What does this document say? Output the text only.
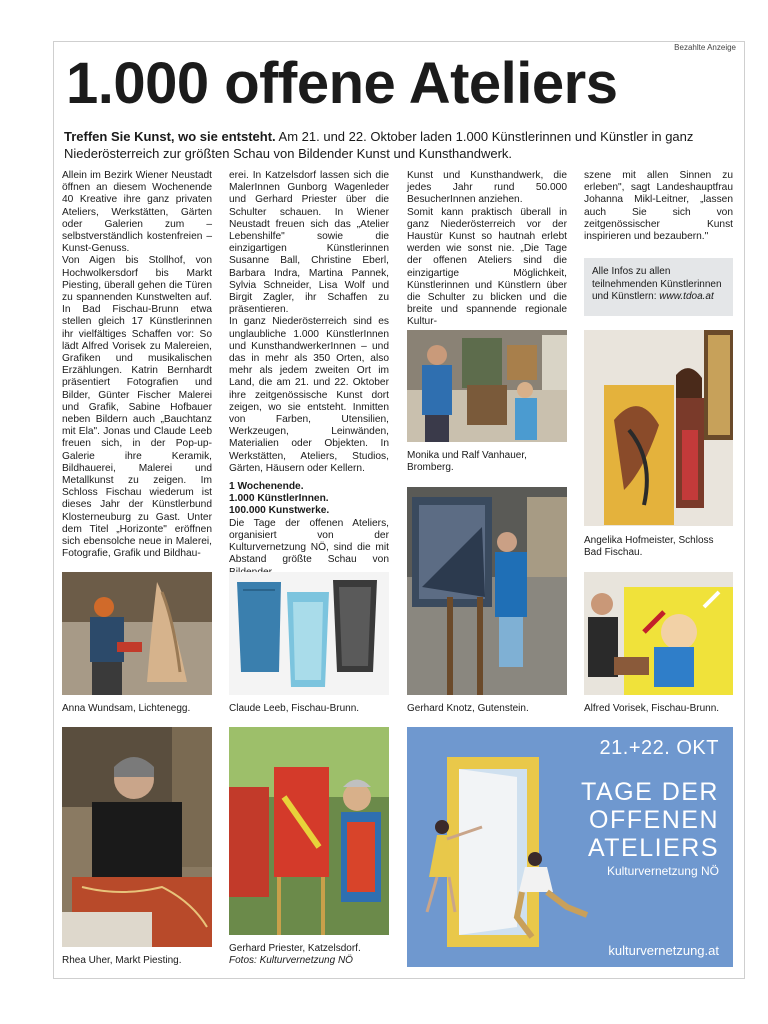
Bezahlte Anzeige
1.000 offene Ateliers
Treffen Sie Kunst, wo sie entsteht. Am 21. und 22. Oktober laden 1.000 Künstlerinnen und Künstler in ganz Niederösterreich zur größten Schau von Bildender Kunst und Kunsthandwerk.

Allein im Bezirk Wiener Neustadt öffnen an diesem Wochenende 40 Kreative ihre ganz privaten Ateliers, Werkstätten, Gärten oder Galerien zum – selbstverständlich kostenfreien – Kunst-Genuss.

Von Aigen bis Stollhof, von Hochwolkersdorf bis Markt Piesting, überall gehen die Türen zu spannenden Kunstwelten auf. In Bad Fischau-Brunn etwa stellen gleich 17 Künstlerinnen ihr vielfältiges Schaffen vor: So lädt Alfred Vorisek zu Malereien, Grafiken und musikalischen Erzählungen. Katrin Bernhardt präsentiert Fotografien und Bilder, Günter Fischer Malerei und Grafik, Sabine Hofbauer neben Bildern auch „Bauchtanz mit Ela". Jonas und Claude Leeb freuen sich, in der Pop-up-Galerie ihre Keramik, Bildhauerei, Malerei und Metallkunst zu zeigen. Im Schloss Fischau wiederum ist dieses Jahr der Künstlerbund Klosterneuburg zu Gast. Unter dem Titel „Horizonte" eröffnen sich ebensolche neue in Malerei, Fotografie, Grafik und Bildhau-

erei. In Katzelsdorf lassen sich die MalerInnen Gunborg Wagenleder und Gerhard Priester über die Schulter schauen. In Wiener Neustadt freuen sich das „Atelier Lebenshilfe" sowie die einzigartigen Künstlerinnen Susanne Ball, Christine Eberl, Barbara Indra, Martina Pannek, Sylvia Schneider, Lisa Wolf und Birgit Zagler, ihr Schaffen zu präsentieren.

In ganz Niederösterreich sind es unglaubliche 1.000 KünstlerInnen und KunsthandwerkerInnen – und das in mehr als 350 Orten, also mehr als jedem zweiten Ort im Land, die am 21. und 22. Oktober ihre zeitgenössische Kunst dort zeigen, wo sie entsteht. Inmitten von Farben, Utensilien, Werkzeugen, Leinwänden, Materialien oder Objekten. In Werkstätten, Ateliers, Studios, Gärten, Häusern oder Kellern.

1 Wochenende.

1.000 KünstlerInnen.

100.000 Kunstwerke.

Die Tage der offenen Ateliers, organisiert von der Kulturvernetzung NÖ, sind die mit Abstand größte Schau von

Kunst und Kunsthandwerk, die jedes Jahr rund 50.000 BesucherInnen anziehen.

Somit kann praktisch überall in ganz Niederösterreich vor der Haustür Kunst so hautnah erlebt werden wie sonst nie. „Die Tage der offenen Ateliers sind die einzigartige Möglichkeit, Künstlerinnen und Künstlern über die Schulter zu blicken und die breite und spannende regionale Kultur-

szene mit allen Sinnen zu erleben", sagt Landeshauptfrau Johanna Mikl-Leitner, „lassen auch Sie sich von zeitgenössischer Kunst inspirieren und bezaubern."

Alle Infos zu allen teilnehmenden Künstlerinnen und Künstlern: www.tdoa.at
Monika und Ralf Vanhauer, Bromberg.
Angelika Hofmeister, Schloss Bad Fischau.
Gerhard Knotz, Gutenstein.
Anna Wundsam, Lichtenegg.	Claude Leeb, Fischau-Brunn.	Alfred Vorisek, Fischau-Brunn.
Rhea Uher, Markt Piesting.
Gerhard Priester, Katzelsdorf.
Fotos: Kulturvernetzung NÖ
21.+22. OKT
TAGE DER
OFFENEN
ATELIERS
Kulturvernetzung NÖ
kulturvernetzung.at
